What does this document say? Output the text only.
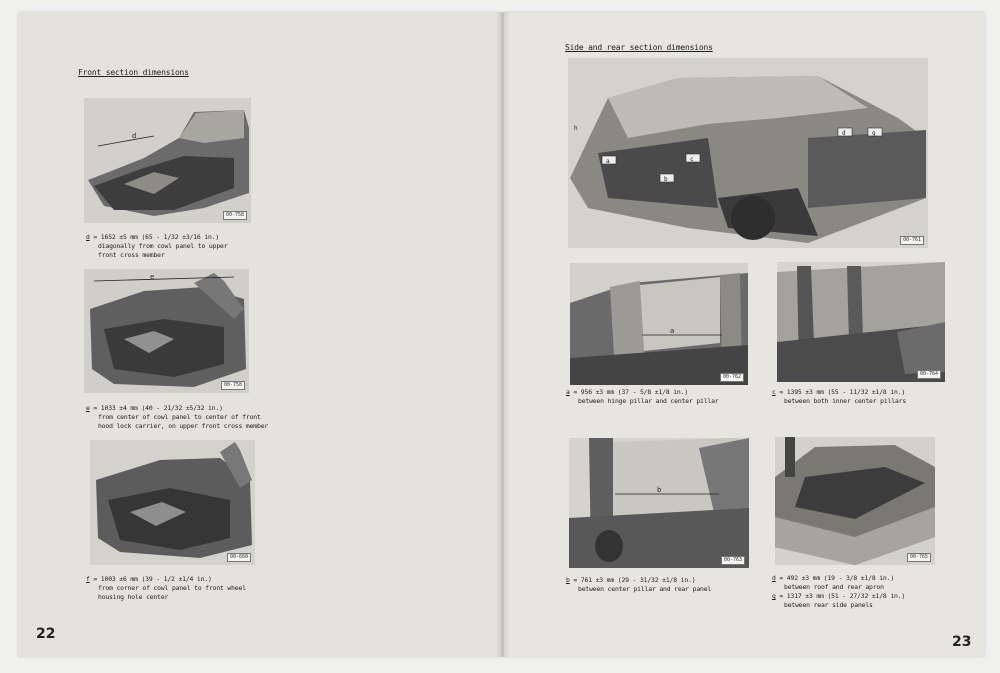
Front section dimensions
d
00-758
d = 1652 ±5 mm (65 - 1/32 ±3/16 in.)
diagonally from cowl panel to upper
front cross member
e
00-758
e = 1033 ±4 mm (40 - 21/32 ±5/32 in.)
from center of cowl panel to center of front
hood lock carrier, on upper front cross member
00-660
f = 1003 ±6 mm (39 - 1/2 ±1/4 in.)
from corner of cowl panel to front wheel
housing hole center
22
Side and rear section dimensions
a
b
c
d	g
h
00-761
a
00-762
a = 956 ±3 mm (37 - 5/8 ±1/8 in.)
between hinge pillar and center pillar
00-764
c = 1395 ±3 mm (55 - 11/32 ±1/8 in.)
between both inner center pillars
b
00-763
b = 761 ±3 mm (29 - 31/32 ±1/8 in.)
between center pillar and rear panel
00-765
d = 492 ±3 mm (19 - 3/8 ±1/8 in.)
between roof and rear apron
g = 1317 ±3 mm (51 - 27/32 ±1/8 in.)
between rear side panels
23
